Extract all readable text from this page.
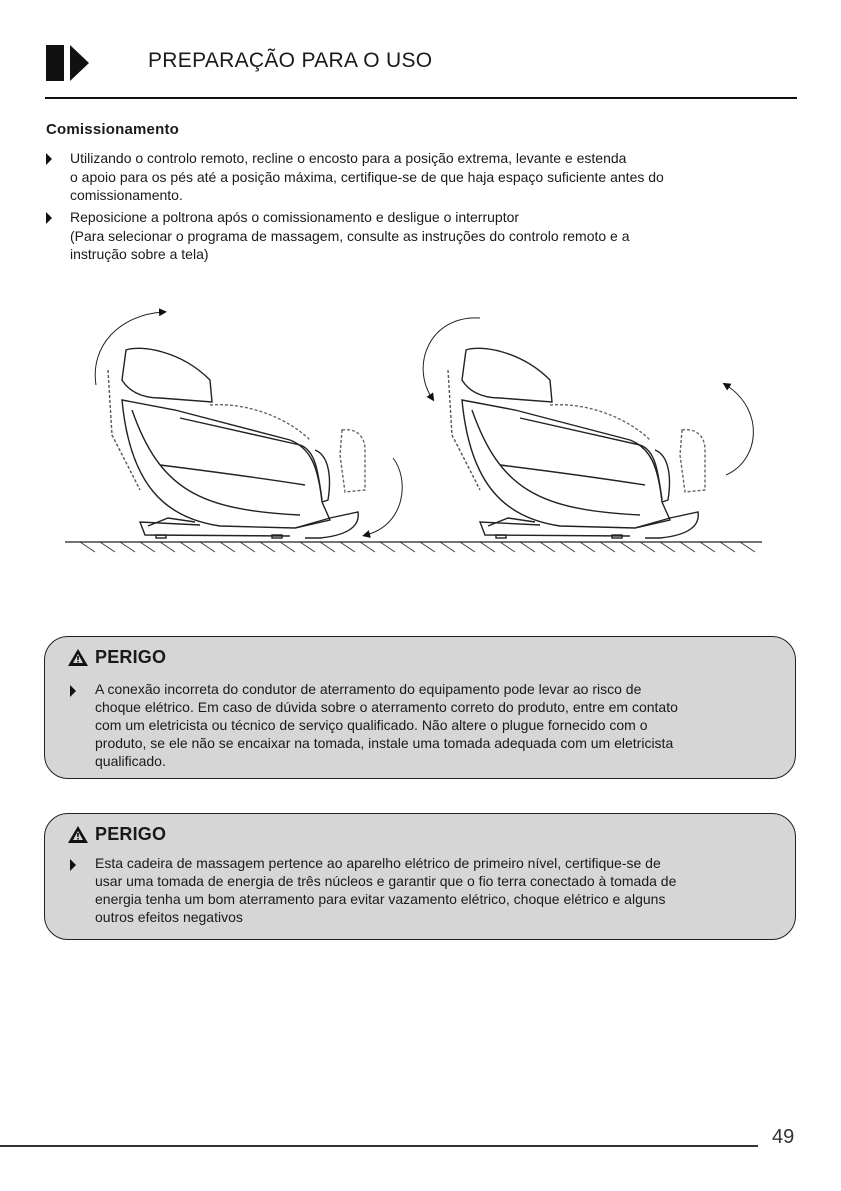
PREPARAÇÃO PARA O USO
Comissionamento
Utilizando o controlo remoto, recline o encosto para a posição extrema, levante e estenda
o apoio para os pés até a posição máxima, certifique-se de que haja espaço suficiente antes do
comissionamento.
Reposicione a poltrona após o comissionamento e desligue o interruptor
(Para selecionar o programa de massagem, consulte as instruções do controlo remoto e a
instrução sobre a tela)
PERIGO
A conexão incorreta do condutor de aterramento do equipamento pode levar ao risco de
choque elétrico. Em caso de dúvida sobre o aterramento correto do produto, entre em contato
com um eletricista ou técnico de serviço qualificado. Não altere o plugue fornecido com o
produto, se ele não se encaixar na tomada, instale uma tomada adequada com um eletricista
qualificado.
PERIGO
Esta cadeira de massagem pertence ao aparelho elétrico de primeiro nível, certifique-se de
usar uma tomada de energia de três núcleos e garantir que o fio terra conectado à tomada de
energia tenha um bom aterramento para evitar vazamento elétrico, choque elétrico e alguns
outros efeitos negativos
49
